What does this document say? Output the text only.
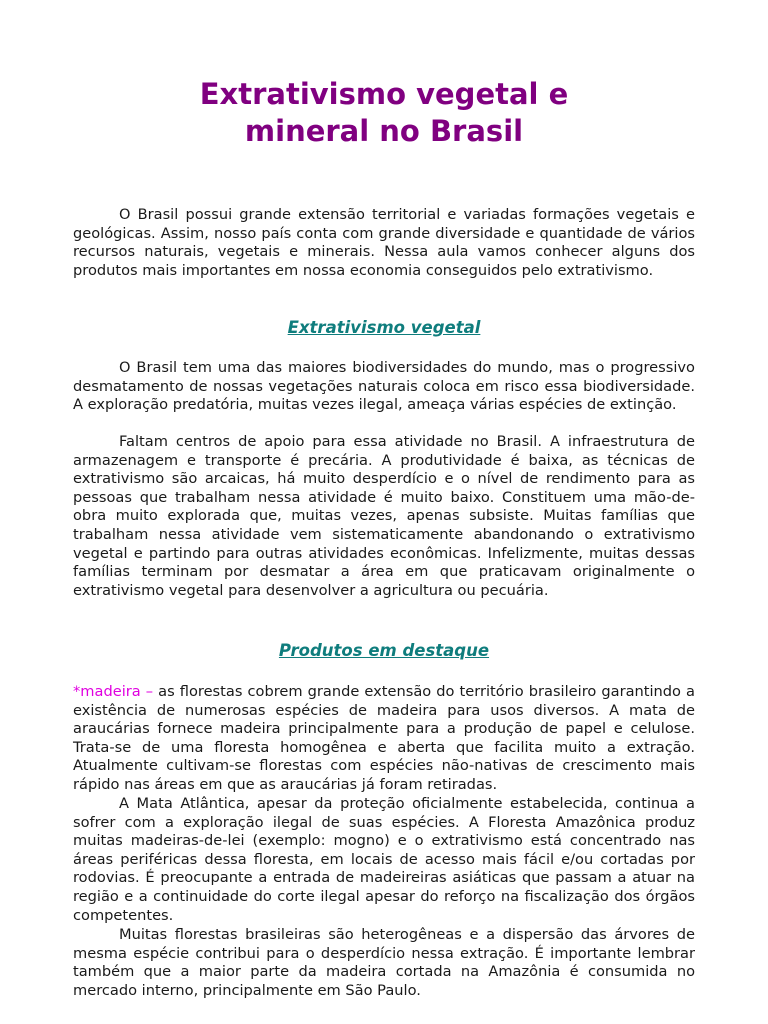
Extrativismo vegetal e
mineral no Brasil

O Brasil possui grande extensão territorial e variadas formações vegetais e geológicas. Assim, nosso país conta com grande diversidade e quantidade de vários recursos naturais, vegetais e minerais. Nessa aula vamos conhecer alguns dos produtos mais importantes em nossa economia conseguidos pelo extrativismo.

Extrativismo vegetal

O Brasil tem uma das maiores biodiversidades do mundo, mas o progressivo desmatamento de nossas vegetações naturais coloca em risco essa biodiversidade. A exploração predatória, muitas vezes ilegal, ameaça várias espécies de extinção.

Faltam centros de apoio para essa atividade no Brasil. A infraestrutura de armazenagem e transporte é precária. A produtividade é baixa, as técnicas de extrativismo são arcaicas, há muito desperdício e o nível de rendimento para as pessoas que trabalham nessa atividade é muito baixo. Constituem uma mão-de-obra muito explorada que, muitas vezes, apenas subsiste. Muitas famílias que trabalham nessa atividade vem sistematicamente abandonando o extrativismo vegetal e partindo para outras atividades econômicas. Infelizmente, muitas dessas famílias terminam por desmatar a área em que praticavam originalmente o extrativismo vegetal para desenvolver a agricultura ou pecuária.

Produtos em destaque

*madeira – as florestas cobrem grande extensão do território brasileiro garantindo a existência de numerosas espécies de madeira para usos diversos. A mata de araucárias fornece madeira principalmente para a produção de papel e celulose. Trata-se de uma floresta homogênea e aberta que facilita muito a extração. Atualmente cultivam-se florestas com espécies não-nativas de crescimento mais rápido nas áreas em que as araucárias já foram retiradas.

A Mata Atlântica, apesar da proteção oficialmente estabelecida, continua a sofrer com a exploração ilegal de suas espécies. A Floresta Amazônica produz muitas madeiras-de-lei (exemplo: mogno) e o extrativismo está concentrado nas áreas periféricas dessa floresta, em locais de acesso mais fácil e/ou cortadas por rodovias. É preocupante a entrada de madeireiras asiáticas que passam a atuar na região e a continuidade do corte ilegal apesar do reforço na fiscalização dos órgãos competentes.

Muitas florestas brasileiras são heterogêneas e a dispersão das árvores de mesma espécie contribui para o desperdício nessa extração. É importante lembrar também que a maior parte da madeira cortada na Amazônia é consumida no mercado interno, principalmente em São Paulo.
